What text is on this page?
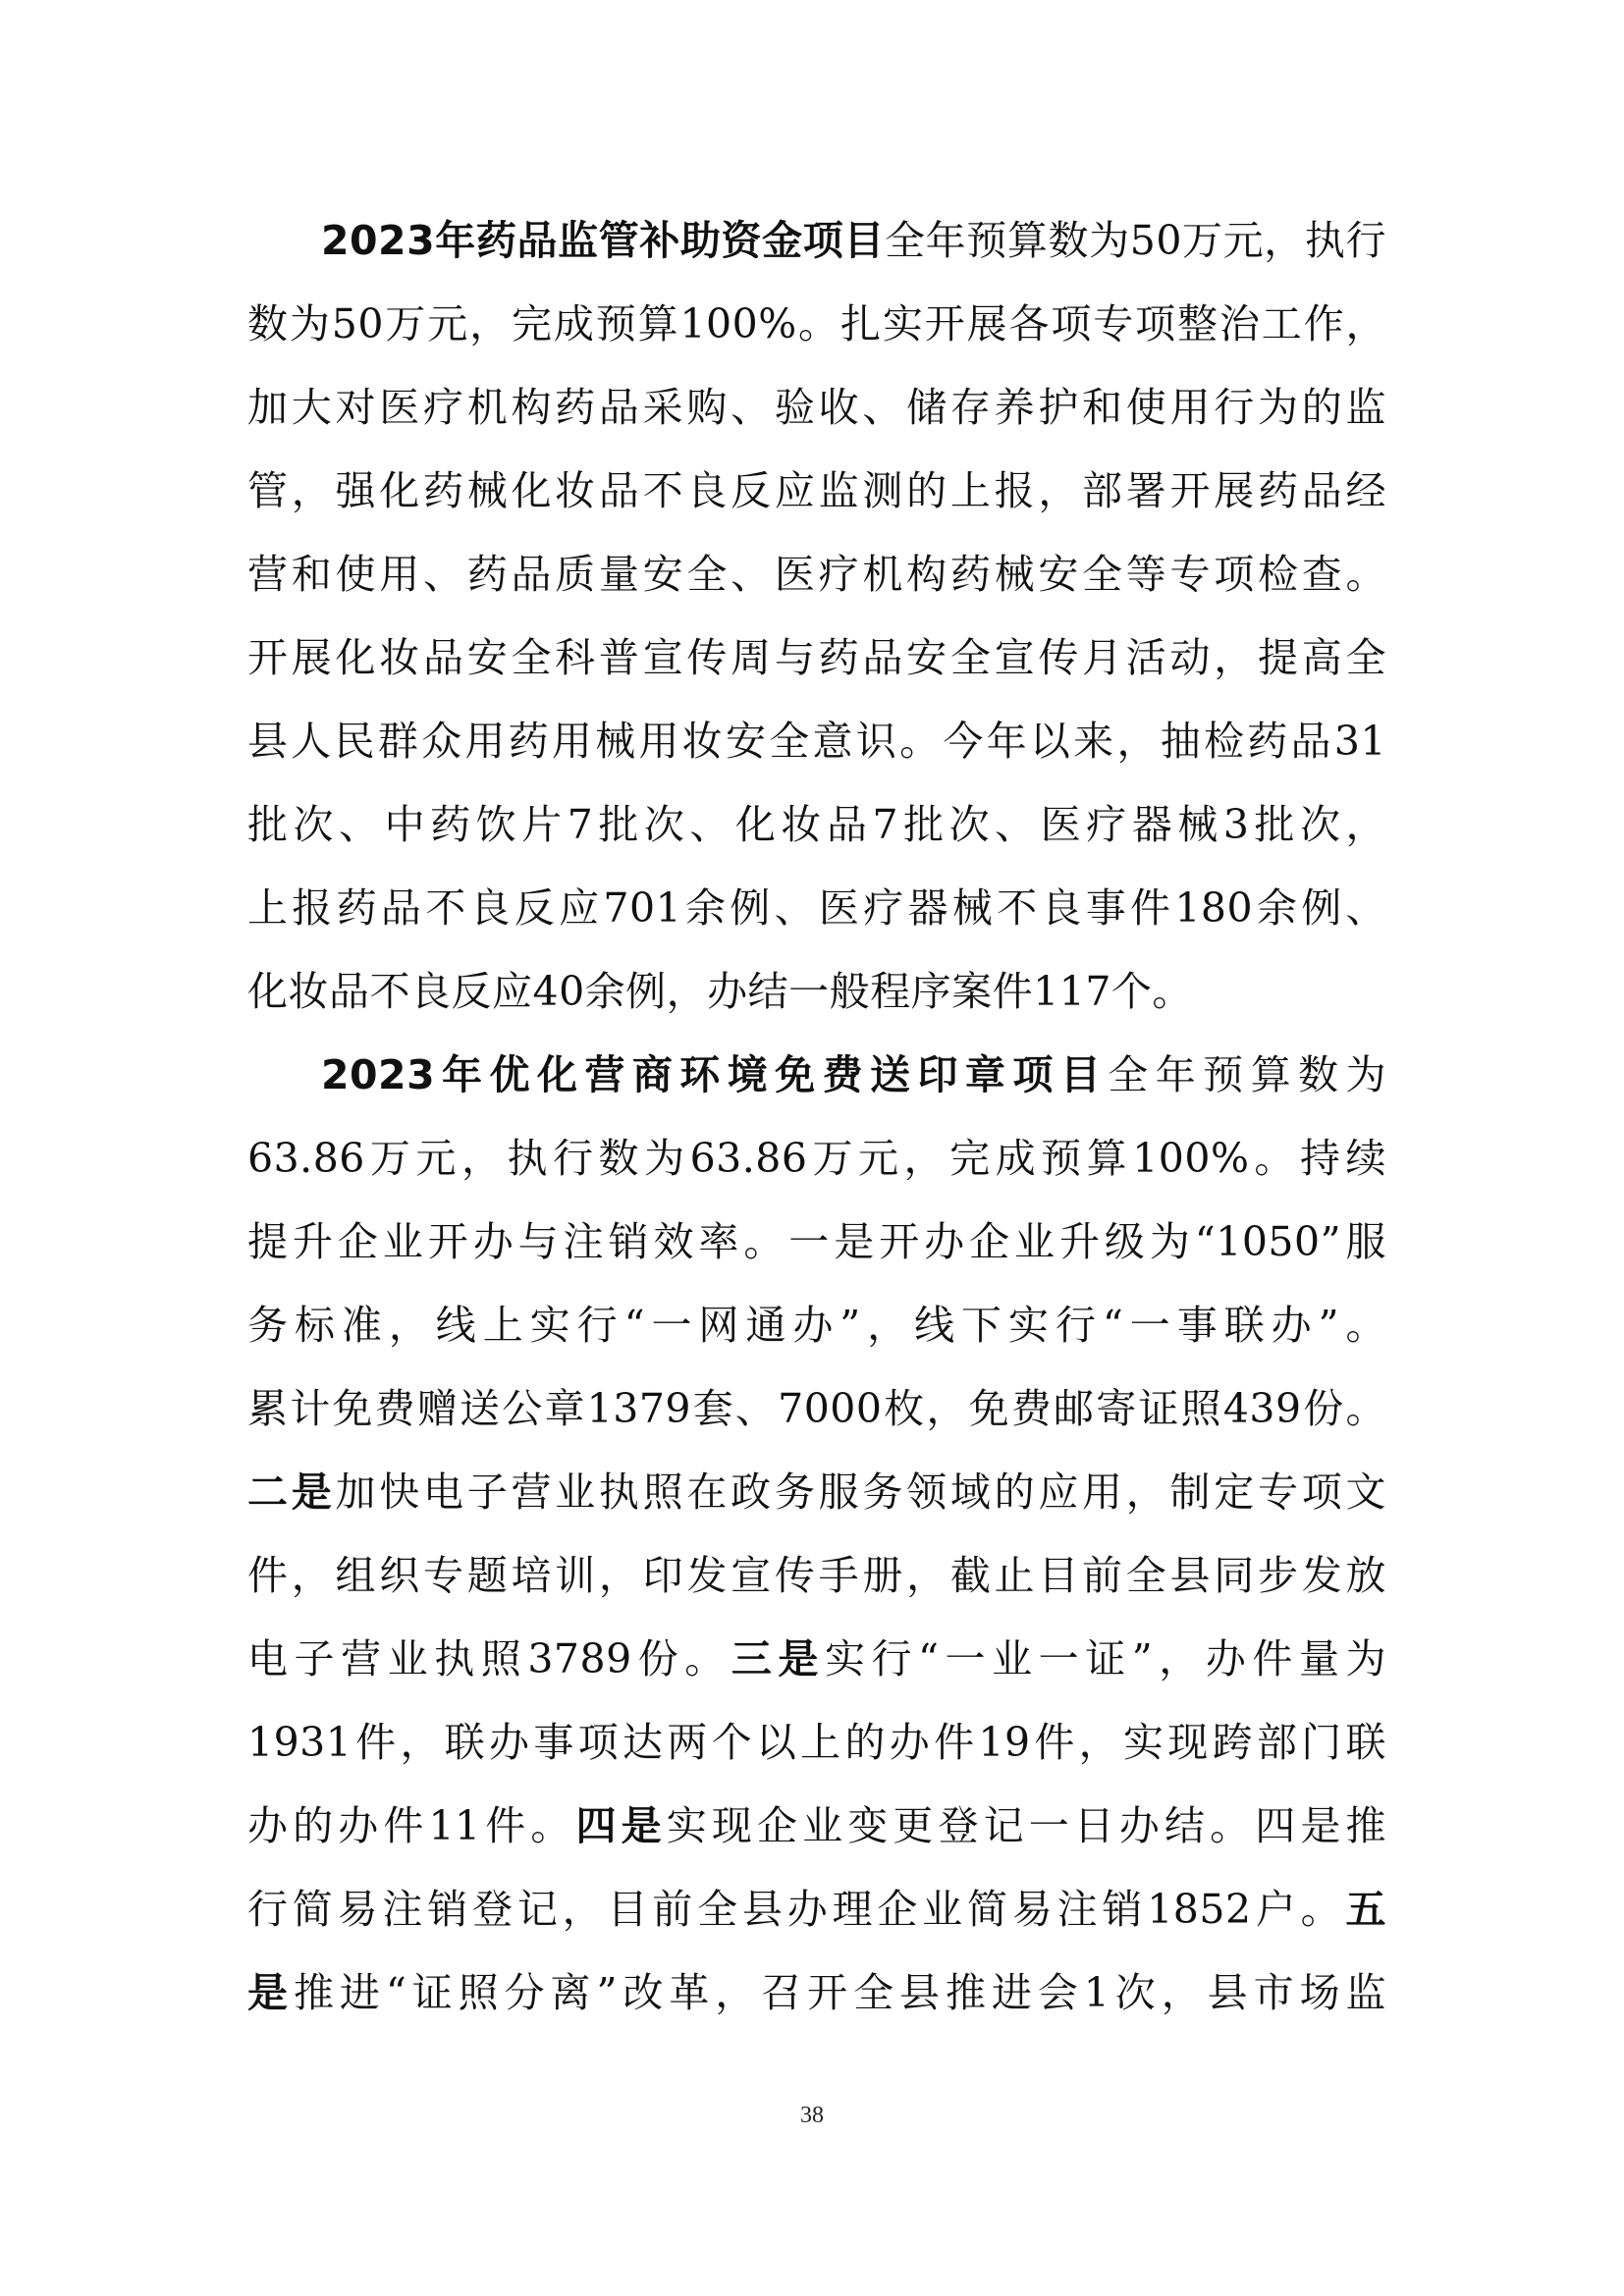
2023年药品监管补助资金项目全年预算数为50万元，执行
数为50万元，完成预算100%。扎实开展各项专项整治工作，
加大对医疗机构药品采购、验收、储存养护和使用行为的监
管，强化药械化妆品不良反应监测的上报，部署开展药品经
营和使用、药品质量安全、医疗机构药械安全等专项检查。
开展化妆品安全科普宣传周与药品安全宣传月活动，提高全
县人民群众用药用械用妆安全意识。今年以来，抽检药品31
批次、中药饮片7批次、化妆品7批次、医疗器械3批次，
上报药品不良反应701余例、医疗器械不良事件180余例、
化妆品不良反应40余例，办结一般程序案件117个。
2023年优化营商环境免费送印章项目全年预算数为
63.86万元，执行数为63.86万元，完成预算100%。持续
提升企业开办与注销效率。一是开办企业升级为“1050”服
务标准，线上实行“一网通办”，线下实行“一事联办”。
累计免费赠送公章1379套、7000枚，免费邮寄证照439份。
二是加快电子营业执照在政务服务领域的应用，制定专项文
件，组织专题培训，印发宣传手册，截止目前全县同步发放
电子营业执照3789份。三是实行“一业一证”，办件量为
1931件，联办事项达两个以上的办件19件，实现跨部门联
办的办件11件。四是实现企业变更登记一日办结。四是推
行简易注销登记，目前全县办理企业简易注销1852户。五
是推进“证照分离”改革，召开全县推进会1次，县市场监
38
